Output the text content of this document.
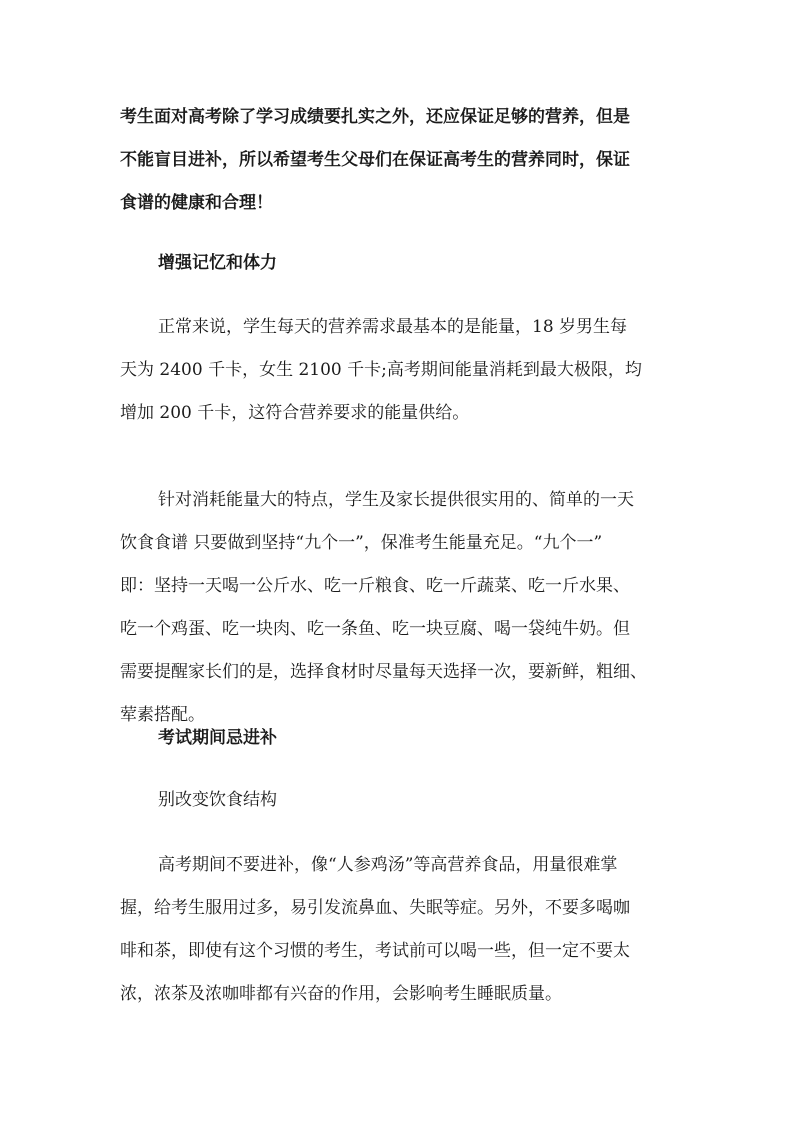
考生面对高考除了学习成绩要扎实之外，还应保证足够的营养，但是
不能盲目进补，所以希望考生父母们在保证高考生的营养同时，保证
食谱的健康和合理！
增强记忆和体力
正常来说，学生每天的营养需求最基本的是能量，18 岁男生每
天为 2400 千卡，女生 2100 千卡;高考期间能量消耗到最大极限，均
增加 200 千卡，这符合营养要求的能量供给。
针对消耗能量大的特点，学生及家长提供很实用的、简单的一天
饮食食谱 只要做到坚持“九个一”，保准考生能量充足。“九个一”
即：坚持一天喝一公斤水、吃一斤粮食、吃一斤蔬菜、吃一斤水果、
吃一个鸡蛋、吃一块肉、吃一条鱼、吃一块豆腐、喝一袋纯牛奶。但
需要提醒家长们的是，选择食材时尽量每天选择一次，要新鲜，粗细、
荤素搭配。
考试期间忌进补
别改变饮食结构
高考期间不要进补，像“人参鸡汤”等高营养食品，用量很难掌
握，给考生服用过多，易引发流鼻血、失眠等症。另外，不要多喝咖
啡和茶，即使有这个习惯的考生，考试前可以喝一些，但一定不要太
浓，浓茶及浓咖啡都有兴奋的作用，会影响考生睡眠质量。
